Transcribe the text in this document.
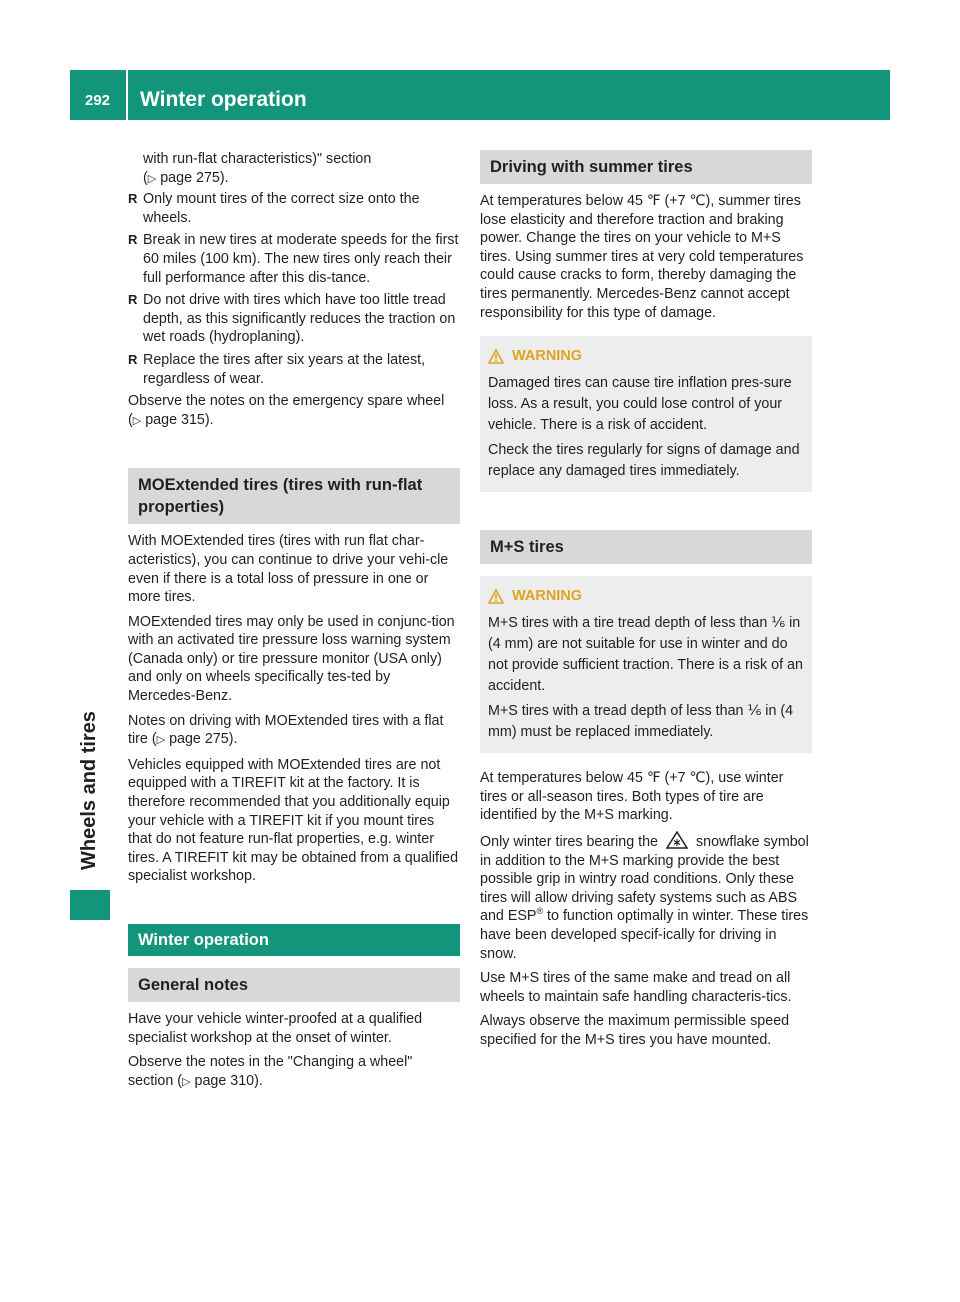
292	Winter operation
Wheels and tires

with run-flat characteristics)" section
(▷ page 275).

R Only mount tires of the correct size onto the wheels.
R Break in new tires at moderate speeds for the first 60 miles (100 km). The new tires only reach their full performance after this dis-tance.
R Do not drive with tires which have too little tread depth, as this significantly reduces the traction on wet roads (hydroplaning).
R Replace the tires after six years at the latest, regardless of wear.

Observe the notes on the emergency spare wheel (▷ page 315).

MOExtended tires (tires with run-flat properties)

With MOExtended tires (tires with run flat char-acteristics), you can continue to drive your vehi-cle even if there is a total loss of pressure in one or more tires.

MOExtended tires may only be used in conjunc-tion with an activated tire pressure loss warning system (Canada only) or tire pressure monitor (USA only) and only on wheels specifically tes-ted by Mercedes-Benz.

Notes on driving with MOExtended tires with a flat tire (▷ page 275).

Vehicles equipped with MOExtended tires are not equipped with a TIREFIT kit at the factory. It is therefore recommended that you additionally equip your vehicle with a TIREFIT kit if you mount tires that do not feature run-flat properties, e.g. winter tires. A TIREFIT kit may be obtained from a qualified specialist workshop.

Winter operation
General notes

Have your vehicle winter-proofed at a qualified specialist workshop at the onset of winter.

Observe the notes in the "Changing a wheel" section (▷ page 310).

Driving with summer tires

At temperatures below 45 ℉ (+7 ℃), summer tires lose elasticity and therefore traction and braking power. Change the tires on your vehicle to M+S tires. Using summer tires at very cold temperatures could cause cracks to form, thereby damaging the tires permanently. Mercedes-Benz cannot accept responsibility for this type of damage.

WARNING

Damaged tires can cause tire inflation pres-sure loss. As a result, you could lose control of your vehicle. There is a risk of accident.

Check the tires regularly for signs of damage and replace any damaged tires immediately.

M+S tires
WARNING

M+S tires with a tire tread depth of less than ⅙ in (4 mm) are not suitable for use in winter and do not provide sufficient traction. There is a risk of an accident.

M+S tires with a tread depth of less than ⅙ in (4 mm) must be replaced immediately.

At temperatures below 45 ℉ (+7 ℃), use winter tires or all-season tires. Both types of tire are identified by the M+S marking.

Only winter tires bearing the	snowflake symbol in addition to the M+S marking provide the best possible grip in wintry road conditions. Only these tires will allow driving safety systems such as ABS and ESP® to function optimally in winter. These tires have been developed specif-ically for driving in snow.

Use M+S tires of the same make and tread on all wheels to maintain safe handling characteris-tics.

Always observe the maximum permissible speed specified for the M+S tires you have mounted.
